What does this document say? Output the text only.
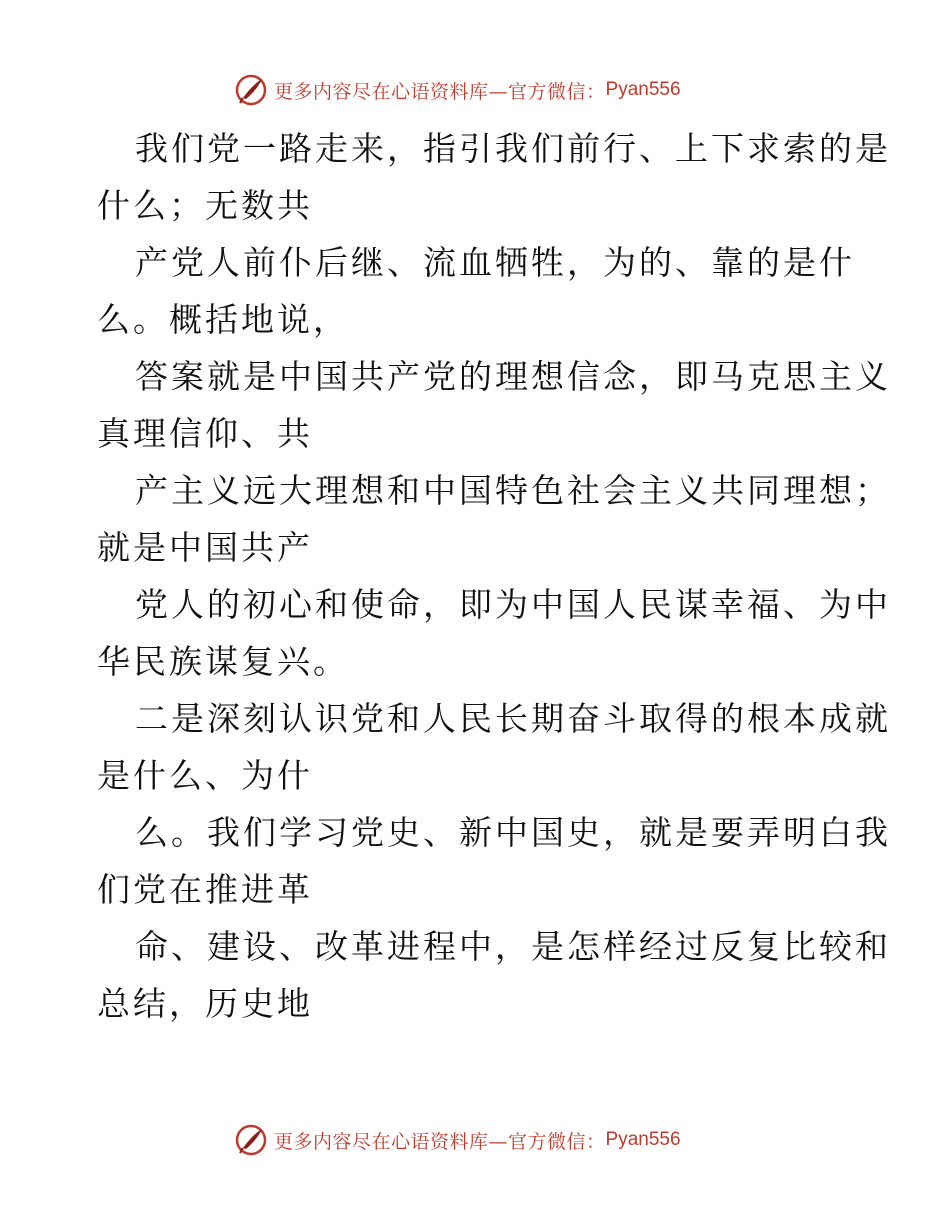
更多内容尽在心语资料库—官方微信： Pyan556
我们党一路走来，指引我们前行、上下求索的是
什么；无数共
产党人前仆后继、流血牺牲，为的、靠的是什
么。概括地说，
答案就是中国共产党的理想信念，即马克思主义
真理信仰、共
产主义远大理想和中国特色社会主义共同理想；
就是中国共产
党人的初心和使命，即为中国人民谋幸福、为中
华民族谋复兴。
二是深刻认识党和人民长期奋斗取得的根本成就
是什么、为什
么。我们学习党史、新中国史，就是要弄明白我
们党在推进革
命、建设、改革进程中，是怎样经过反复比较和
总结，历史地
更多内容尽在心语资料库—官方微信： Pyan556
